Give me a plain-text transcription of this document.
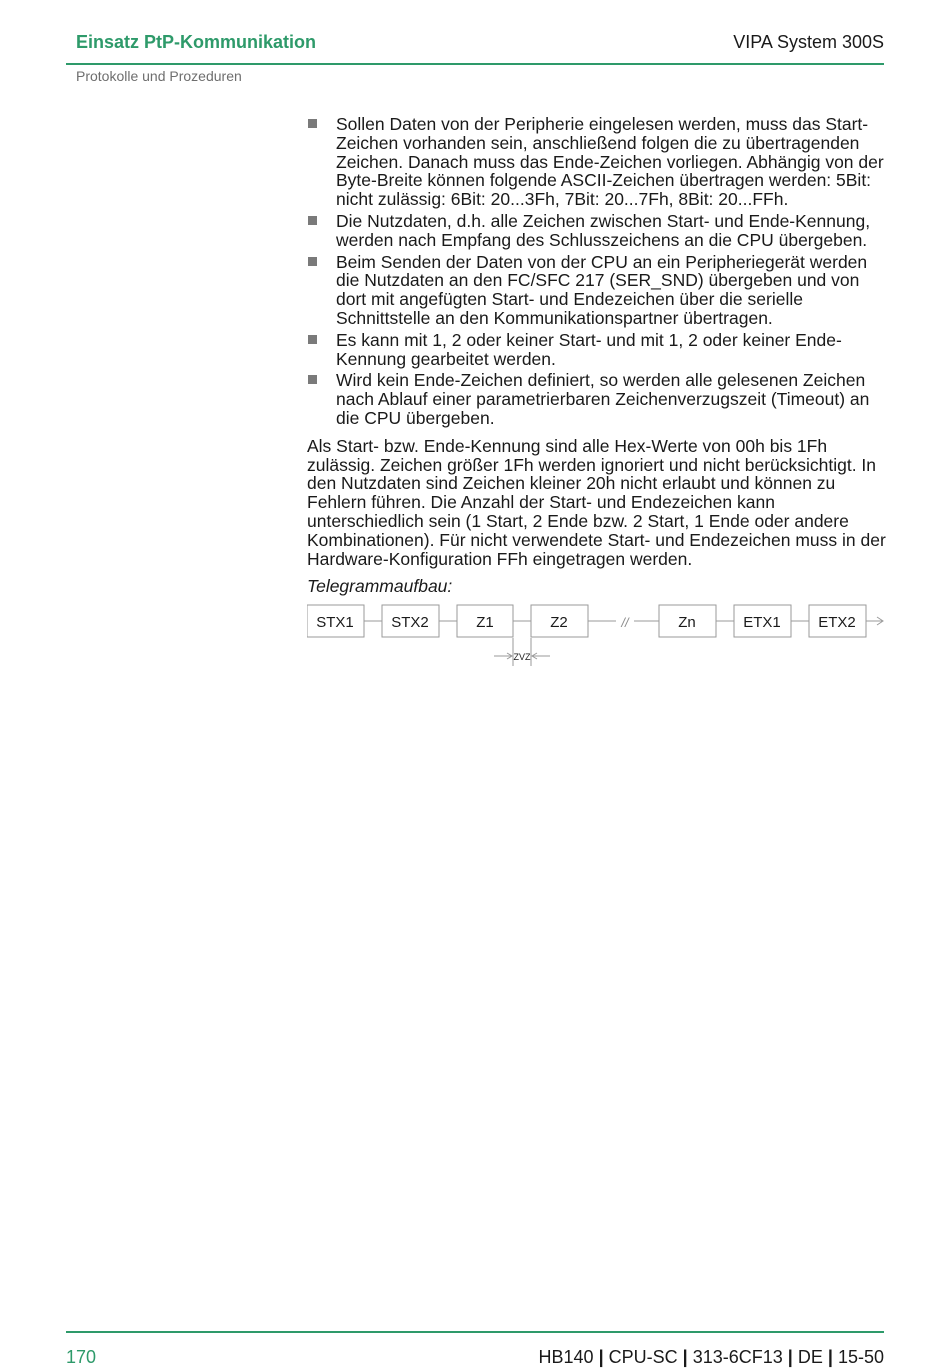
Einsatz PtP-Kommunikation	VIPA System 300S
Protokolle und Prozeduren
Sollen Daten von der Peripherie eingelesen werden, muss das Start-Zeichen vorhanden sein, anschließend folgen die zu übertragenden Zeichen. Danach muss das Ende-Zeichen vorliegen. Abhängig von der Byte-Breite können folgende ASCII-Zeichen übertragen werden: 5Bit: nicht zulässig: 6Bit: 20...3Fh, 7Bit: 20...7Fh, 8Bit: 20...FFh.
Die Nutzdaten, d.h. alle Zeichen zwischen Start- und Ende-Kennung, werden nach Empfang des Schlusszeichens an die CPU übergeben.
Beim Senden der Daten von der CPU an ein Peripheriegerät werden die Nutzdaten an den FC/SFC 217 (SER_SND) übergeben und von dort mit angefügten Start- und Endezeichen über die serielle Schnittstelle an den Kommunikationspartner übertragen.
Es kann mit 1, 2 oder keiner Start- und mit 1, 2 oder keiner Ende-Kennung gearbeitet werden.
Wird kein Ende-Zeichen definiert, so werden alle gelesenen Zeichen nach Ablauf einer parametrierbaren Zeichenverzugszeit (Timeout) an die CPU übergeben.

Als Start- bzw. Ende-Kennung sind alle Hex-Werte von 00h bis 1Fh zulässig. Zeichen größer 1Fh werden ignoriert und nicht berücksichtigt. In den Nutzdaten sind Zeichen kleiner 20h nicht erlaubt und können zu Fehlern führen. Die Anzahl der Start- und Endezeichen kann unterschiedlich sein (1 Start, 2 Ende bzw. 2 Start, 1 Ende oder andere Kombinationen). Für nicht verwendete Start- und Endezeichen muss in der Hardware-Konfiguration FFh eingetragen werden.

Telegrammaufbau:

STX1 STX2	Z1	Z2	Zn	ETX1 ETX2
//
ZVZ
170	HB140 | CPU-SC | 313-6CF13 | DE | 15-50
